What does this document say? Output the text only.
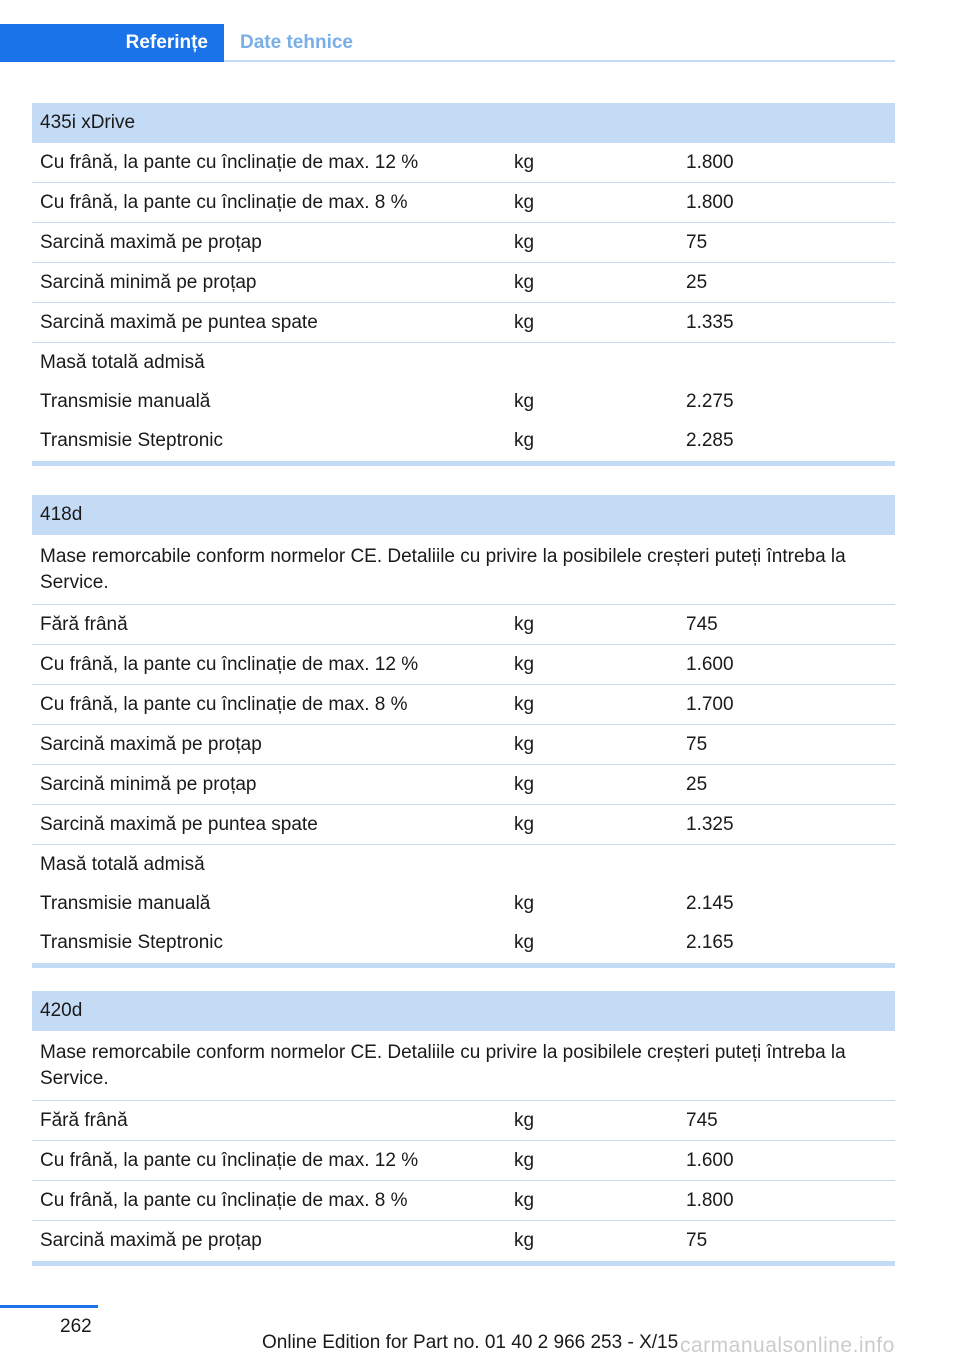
Referințe	Date tehnice
435i xDrive
Cu frână, la pante cu înclinație de max. 12 %	kg	1.800
Cu frână, la pante cu înclinație de max. 8 %	kg	1.800
Sarcină maximă pe proțap	kg	75
Sarcină minimă pe proțap	kg	25
Sarcină maximă pe puntea spate	kg	1.335
Masă totală admisă
Transmisie manuală	kg	2.275
Transmisie Steptronic	kg	2.285
418d
Mase remorcabile conform normelor CE. Detaliile cu privire la posibilele creșteri puteți întreba la Service.
Fără frână	kg	745
Cu frână, la pante cu înclinație de max. 12 %	kg	1.600
Cu frână, la pante cu înclinație de max. 8 %	kg	1.700
Sarcină maximă pe proțap	kg	75
Sarcină minimă pe proțap	kg	25
Sarcină maximă pe puntea spate	kg	1.325
Masă totală admisă
Transmisie manuală	kg	2.145
Transmisie Steptronic	kg	2.165
420d
Mase remorcabile conform normelor CE. Detaliile cu privire la posibilele creșteri puteți întreba la Service.
Fără frână	kg	745
Cu frână, la pante cu înclinație de max. 12 %	kg	1.600
Cu frână, la pante cu înclinație de max. 8 %	kg	1.800
Sarcină maximă pe proțap	kg	75
262
Online Edition for Part no. 01 40 2 966 253 - X/15 carmanualsonline.info
